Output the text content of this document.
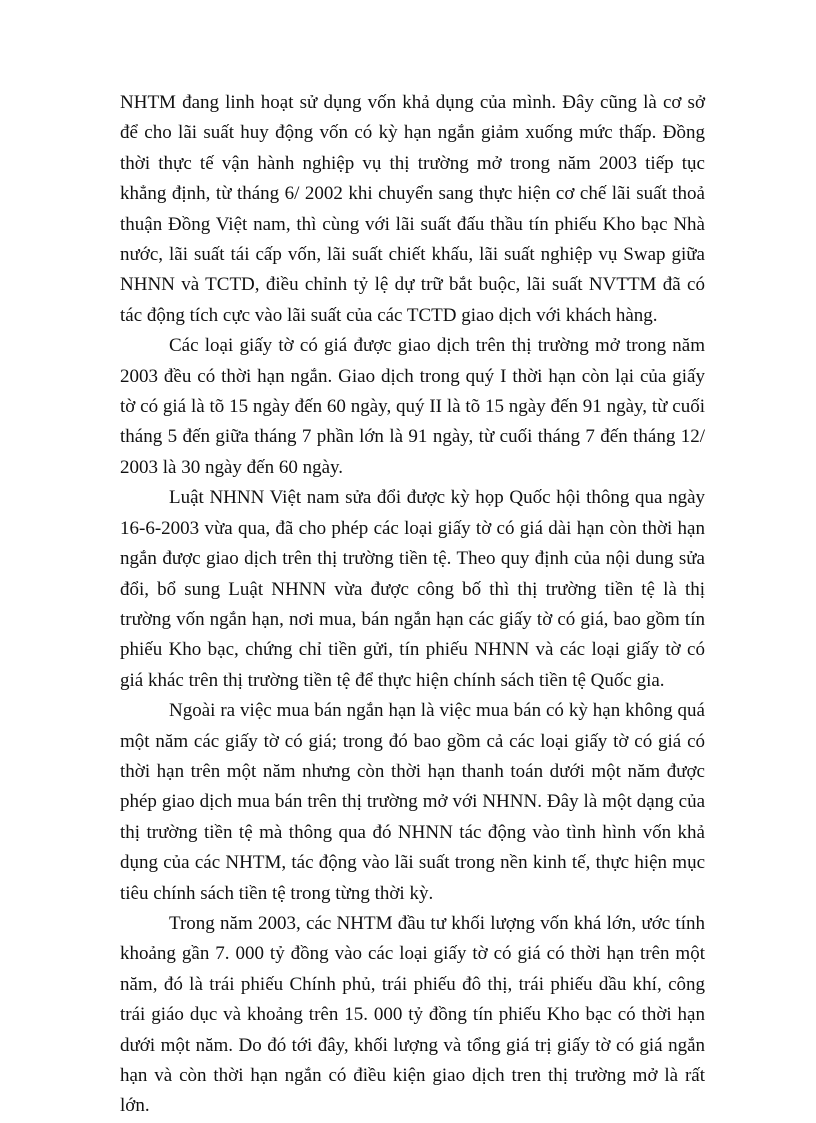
NHTM đang linh hoạt sử dụng vốn khả dụng của mình. Đây cũng là cơ sở để cho lãi suất huy động vốn có kỳ hạn ngắn giảm xuống mức thấp. Đồng thời thực tế vận hành nghiệp vụ thị trường mở trong năm 2003 tiếp tục khẳng định, từ tháng 6/ 2002 khi chuyển sang thực hiện cơ chế lãi suất thoả thuận Đồng Việt nam, thì cùng với lãi suất đấu thầu tín phiếu Kho bạc Nhà nước, lãi suất tái cấp vốn, lãi suất chiết khấu, lãi suất nghiệp vụ Swap giữa NHNN và TCTD, điều chỉnh tỷ lệ dự trữ bắt buộc, lãi suất NVTTM đã có tác động tích cực vào lãi suất của các TCTD giao dịch với khách hàng.

Các loại giấy tờ có giá được giao dịch trên thị trường mở trong năm 2003 đều có thời hạn ngắn. Giao dịch trong quý I thời hạn còn lại của giấy tờ có giá là tõ 15 ngày đến 60 ngày, quý II là tõ 15 ngày đến 91 ngày, từ cuối tháng 5 đến giữa tháng 7 phần lớn là 91 ngày, từ cuối tháng 7 đến tháng 12/ 2003 là 30 ngày đến 60 ngày.

Luật NHNN Việt nam sửa đổi được kỳ họp Quốc hội thông qua ngày 16-6-2003 vừa qua, đã cho phép các loại giấy tờ có giá dài hạn còn thời hạn ngắn được giao dịch trên thị trường tiền tệ. Theo quy định của nội dung sửa đổi, bổ sung Luật NHNN vừa được công bố thì thị trường tiền tệ là thị trường vốn ngắn hạn, nơi mua, bán ngắn hạn các giấy tờ có giá, bao gồm tín phiếu Kho bạc, chứng chỉ tiền gửi, tín phiếu NHNN và các loại giấy tờ có giá khác trên thị trường tiền tệ để thực hiện chính sách tiền tệ Quốc gia.

Ngoài ra việc mua bán ngắn hạn là việc mua bán có kỳ hạn không quá một năm các giấy tờ có giá; trong đó bao gồm cả các loại giấy tờ có giá có thời hạn trên một năm nhưng còn thời hạn thanh toán dưới một năm được phép giao dịch mua bán trên thị trường mở với NHNN. Đây là một dạng của thị trường tiền tệ mà thông qua đó NHNN tác động vào tình hình vốn khả dụng của các NHTM, tác động vào lãi suất trong nền kinh tế, thực hiện mục tiêu chính sách tiền tệ trong từng thời kỳ.

Trong năm 2003, các NHTM đầu tư khối lượng vốn khá lớn, ước tính khoảng gần 7. 000 tỷ đồng vào các loại giấy tờ có giá có thời hạn trên một năm, đó là trái phiếu Chính phủ, trái phiếu đô thị, trái phiếu dầu khí, công trái giáo dục và khoảng trên 15. 000 tỷ đồng tín phiếu Kho bạc có thời hạn dưới một năm. Do đó tới đây, khối lượng và tổng giá trị giấy tờ có giá ngắn hạn và còn thời hạn ngắn có điều kiện giao dịch tren thị trường mở là rất lớn.
